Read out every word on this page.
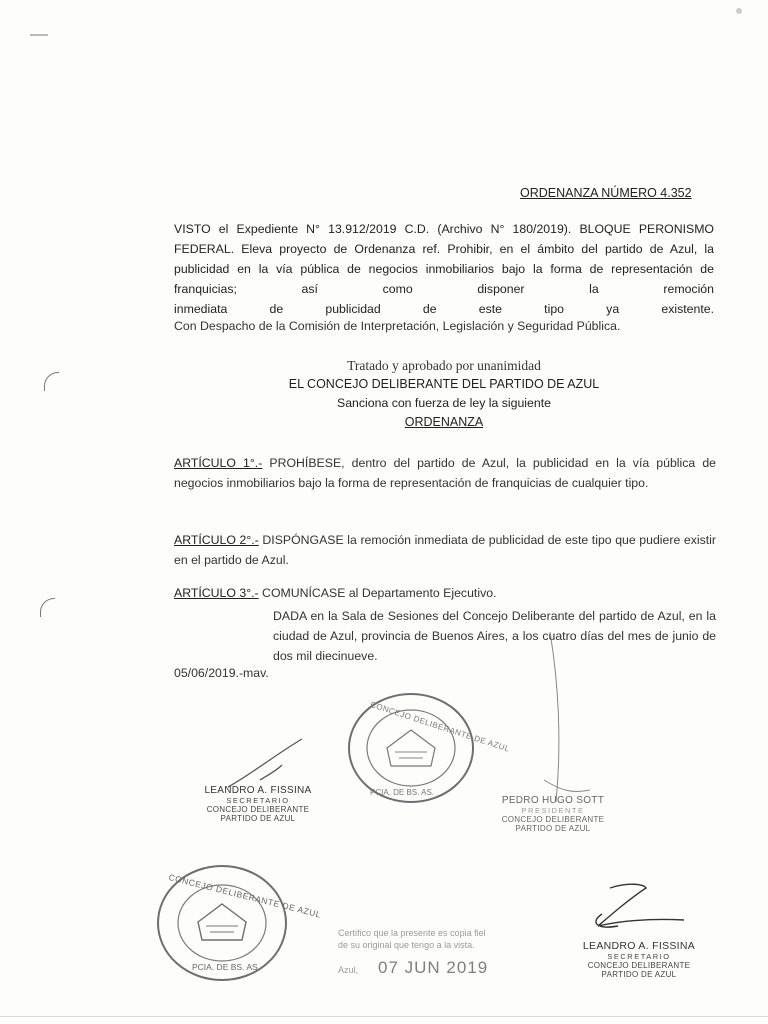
ORDENANZA NÚMERO 4.352
VISTO el Expediente N° 13.912/2019 C.D. (Archivo N° 180/2019). BLOQUE PERONISMO FEDERAL. Eleva proyecto de Ordenanza ref. Prohibir, en el ámbito del partido de Azul, la publicidad en la vía pública de negocios inmobiliarios bajo la forma de representación de franquicias; así como disponer la remoción
inmediata de publicidad de este tipo ya existente.
Con Despacho de la Comisión de Interpretación, Legislación y Seguridad Pública.
Tratado y aprobado por unanimidad
EL CONCEJO DELIBERANTE DEL PARTIDO DE AZUL
Sanciona con fuerza de ley la siguiente
ORDENANZA
ARTÍCULO 1°.- PROHÍBESE, dentro del partido de Azul, la publicidad en la vía pública de negocios inmobiliarios bajo la forma de representación de franquicias de cualquier tipo.
ARTÍCULO 2°.- DISPÓNGASE la remoción inmediata de publicidad de este tipo que pudiere existir en el partido de Azul.
ARTÍCULO 3°.- COMUNÍCASE al Departamento Ejecutivo.
DADA en la Sala de Sesiones del Concejo Deliberante del partido de Azul, en la ciudad de Azul, provincia de Buenos Aires, a los cuatro días del mes de junio de dos mil diecinueve.
05/06/2019.-mav.
CONCEJO DELIBERANTE DE AZUL
PCIA. DE BS. AS.
CONCEJO DELIBERANTE DE AZUL
PCIA. DE BS. AS.
LEANDRO A. FISSINA
SECRETARIO
CONCEJO DELIBERANTE
PARTIDO DE AZUL
PEDRO HUGO SOTT
PRESIDENTE
CONCEJO DELIBERANTE
PARTIDO DE AZUL
LEANDRO A. FISSINA
SECRETARIO
CONCEJO DELIBERANTE
PARTIDO DE AZUL
Certifico que la presente es copia fiel de su original que tengo a la vista.
Azul, 07 JUN 2019
